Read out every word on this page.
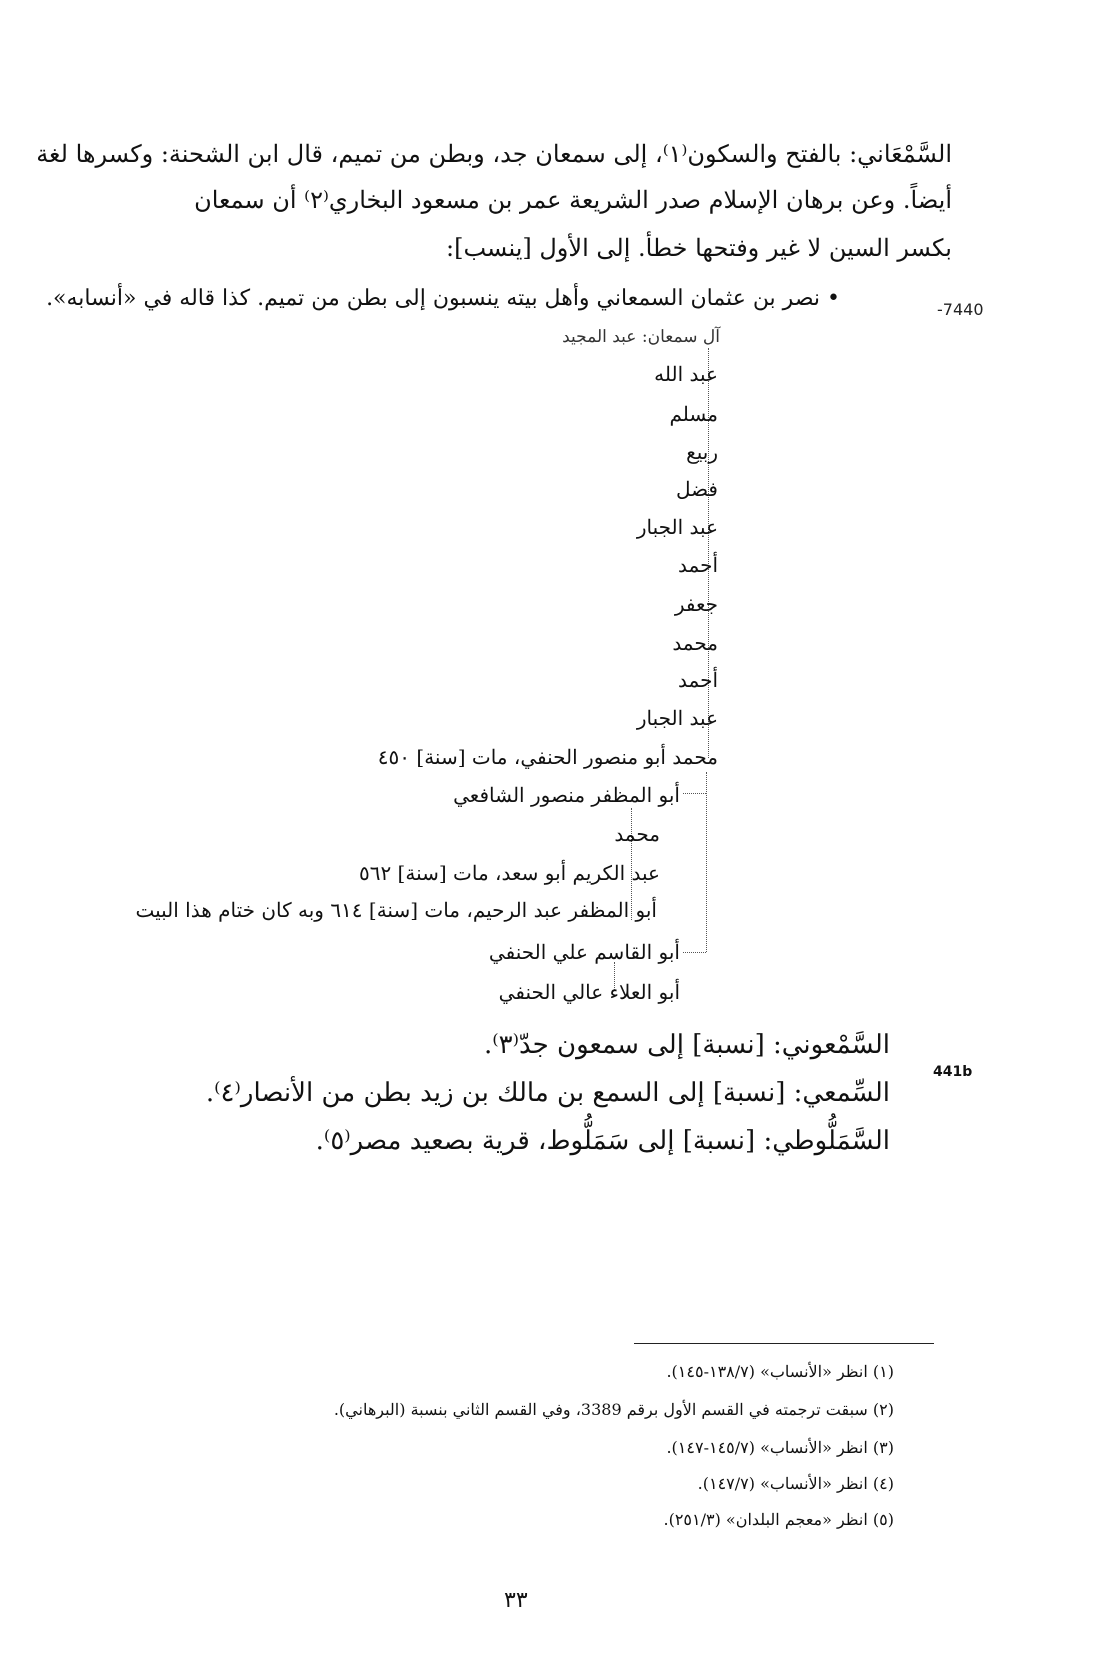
السَّمْعَاني: بالفتح والسكون⁽١⁾، إلى سمعان جد، وبطن من تميم، قال ابن الشحنة: وكسرها لغة
أيضاً. وعن برهان الإسلام صدر الشريعة عمر بن مسعود البخاري⁽٢⁾ أن سمعان
بكسر السين لا غير وفتحها خطأ. إلى الأول [ينسب]:
-7440
• نصر بن عثمان السمعاني وأهل بيته ينسبون إلى بطن من تميم. كذا قاله في «أنسابه».
آل سمعان: عبد المجيد
عبد الله
مسلم
ربيع
فضل
عبد الجبار
أحمد
جعفر
محمد
أحمد
عبد الجبار
محمد أبو منصور الحنفي، مات [سنة] ٤٥٠
أبو المظفر منصور الشافعي
محمد
عبد الكريم أبو سعد، مات [سنة] ٥٦٢
أبو المظفر عبد الرحيم، مات [سنة] ٦١٤ وبه كان ختام هذا البيت
أبو القاسم علي الحنفي
أبو العلاء عالي الحنفي
441b
السَّمْعوني: [نسبة] إلى سمعون جدّ⁽٣⁾.
السِّمعي: [نسبة] إلى السمع بن مالك بن زيد بطن من الأنصار⁽٤⁾.
السَّمَلُّوطي: [نسبة] إلى سَمَلُّوط، قرية بصعيد مصر⁽٥⁾.
(١) انظر «الأنساب» (١٣٨/٧-١٤٥).
(٢) سبقت ترجمته في القسم الأول برقم 3389، وفي القسم الثاني بنسبة (البرهاني).
(٣) انظر «الأنساب» (١٤٥/٧-١٤٧).
(٤) انظر «الأنساب» (١٤٧/٧).
(٥) انظر «معجم البلدان» (٢٥١/٣).
٣٣
